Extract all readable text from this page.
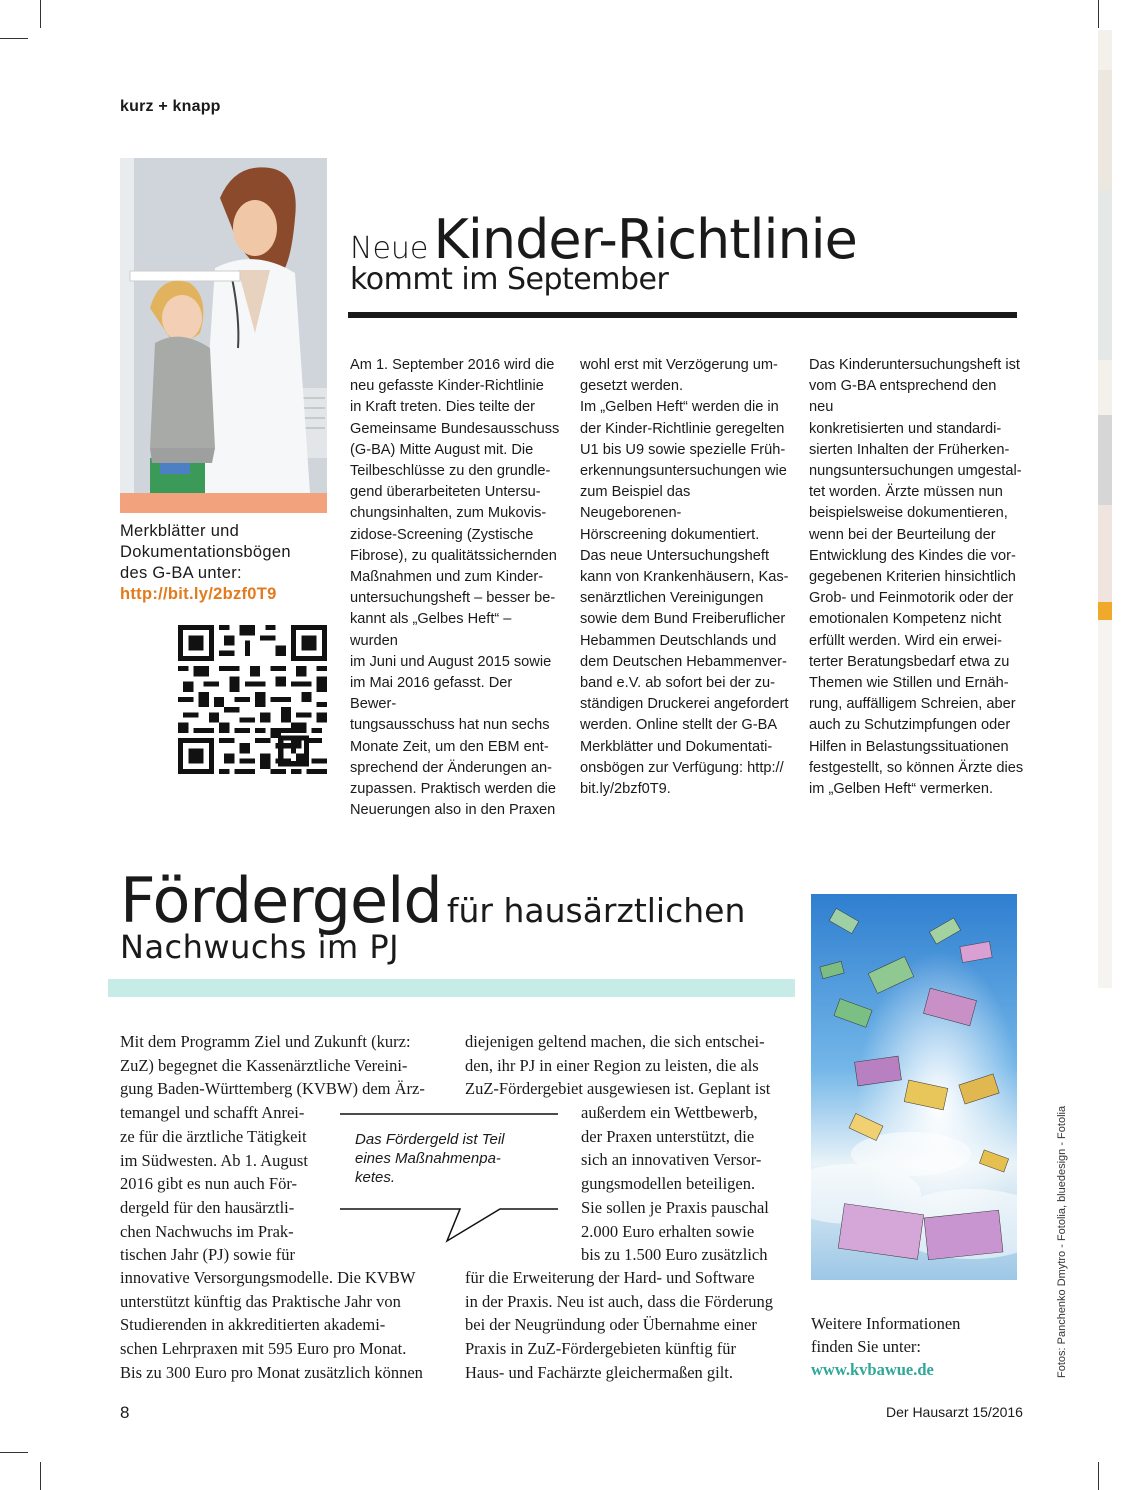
kurz + knapp
Merkblätter und
Dokumentationsbögen
des G-BA unter:
http://bit.ly/2bzf0T9
Neue Kinder-Richtlinie
kommt im September
Am 1. September 2016 wird die
neu gefasste Kinder-Richtlinie
in Kraft treten. Dies teilte der
Gemeinsame Bundesausschuss
(G-BA) Mitte August mit. Die
Teilbeschlüsse zu den grundle-
gend überarbeiteten Untersu-
chungsinhalten, zum Mukovis-
zidose-Screening (Zystische
Fibrose), zu qualitätssichernden
Maßnahmen und zum Kinder-
untersuchungsheft – besser be-
kannt als „Gelbes Heft“ – wurden
im Juni und August 2015 sowie
im Mai 2016 gefasst. Der Bewer-
tungsausschuss hat nun sechs
Monate Zeit, um den EBM ent-
sprechend der Änderungen an-
zupassen. Praktisch werden die
Neuerungen also in den Praxen
wohl erst mit Verzögerung um-
gesetzt werden.
Im „Gelben Heft“ werden die in
der Kinder-Richtlinie geregelten
U1 bis U9 sowie spezielle Früh-
erkennungsuntersuchungen wie
zum Beispiel das Neugeborenen-
Hörscreening dokumentiert.
Das neue Untersuchungsheft
kann von Krankenhäusern, Kas-
senärztlichen Vereinigungen
sowie dem Bund Freiberuflicher
Hebammen Deutschlands und
dem Deutschen Hebammenver-
band e.V. ab sofort bei der zu-
ständigen Druckerei angefordert
werden. Online stellt der G-BA
Merkblätter und Dokumentati-
onsbögen zur Verfügung: http://
bit.ly/2bzf0T9.
Das Kinderuntersuchungsheft ist
vom G-BA entsprechend den neu
konkretisierten und standardi-
sierten Inhalten der Früherken-
nungsuntersuchungen umgestal-
tet worden. Ärzte müssen nun
beispielsweise dokumentieren,
wenn bei der Beurteilung der
Entwicklung des Kindes die vor-
gegebenen Kriterien hinsichtlich
Grob- und Feinmotorik oder der
emotionalen Kompetenz nicht
erfüllt werden. Wird ein erwei-
terter Beratungsbedarf etwa zu
Themen wie Stillen und Ernäh-
rung, auffälligem Schreien, aber
auch zu Schutzimpfungen oder
Hilfen in Belastungssituationen
festgestellt, so können Ärzte dies
im „Gelben Heft“ vermerken.
Fördergeld für hausärztlichen
Nachwuchs im PJ
Mit dem Programm Ziel und Zukunft (kurz:
ZuZ) begegnet die Kassenärztliche Vereini-
gung Baden-Württemberg (KVBW) dem Ärz-
temangel und schafft Anrei-
ze für die ärztliche Tätigkeit
im Südwesten. Ab 1. August
2016 gibt es nun auch För-
dergeld für den hausärztli-
chen Nachwuchs im Prak-
tischen Jahr (PJ) sowie für
innovative Versorgungsmodelle. Die KVBW
unterstützt künftig das Praktische Jahr von
Studierenden in akkreditierten akademi-
schen Lehrpraxen mit 595 Euro pro Monat.
Bis zu 300 Euro pro Monat zusätzlich können
diejenigen geltend machen, die sich entschei-
den, ihr PJ in einer Region zu leisten, die als
ZuZ-Fördergebiet ausgewiesen ist. Geplant ist
außerdem ein Wettbewerb,
der Praxen unterstützt, die
sich an innovativen Versor-
gungsmodellen beteiligen.
Sie sollen je Praxis pauschal
2.000 Euro erhalten sowie
bis zu 1.500 Euro zusätzlich
für die Erweiterung der Hard- und Software
in der Praxis. Neu ist auch, dass die Förderung
bei der Neugründung oder Übernahme einer
Praxis in ZuZ-Fördergebieten künftig für
Haus- und Fachärzte gleichermaßen gilt.
Das Fördergeld ist Teil
eines Maßnahmenpa-
ketes.
Weitere Informationen
finden Sie unter:
www.kvbawue.de	Fotos: Panchenko Dmytro - Fotolia, bluedesign - Fotolia
8	Der Hausarzt 15/2016
